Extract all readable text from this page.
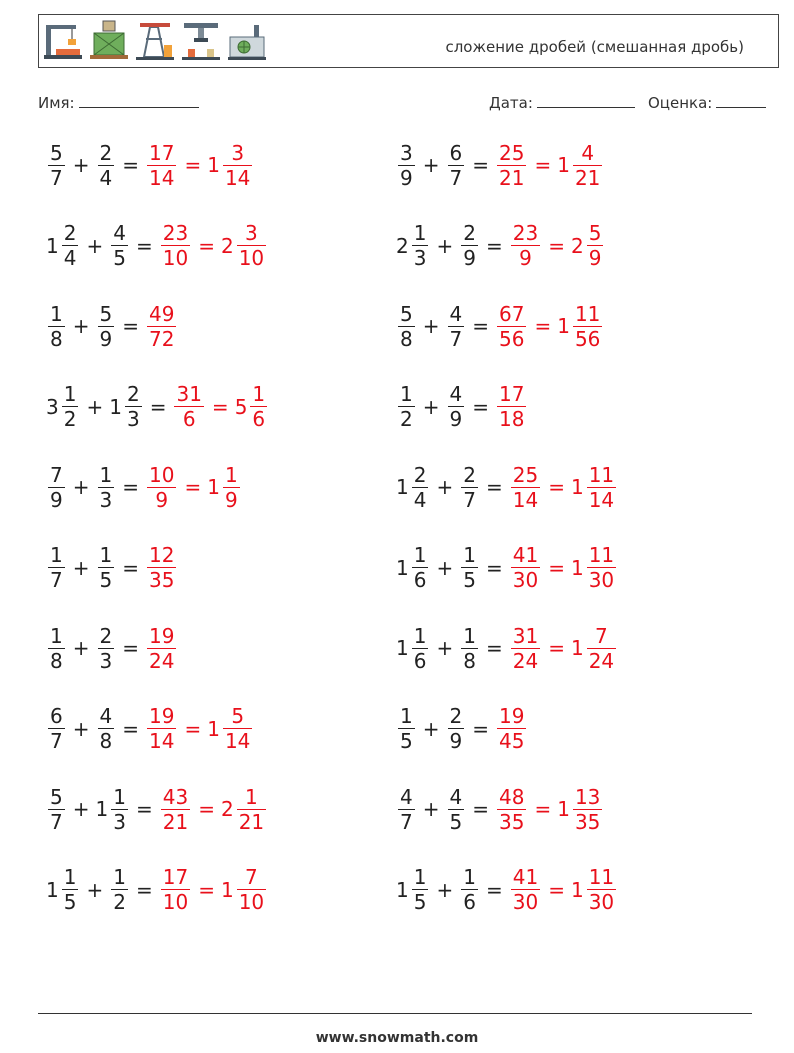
сложение дробей (смешанная дробь)
Имя:	Дата:	Оценка:
$\frac{5}{7} + \frac{2}{4} = \frac{17}{14} = 1 \frac{3}{14}$	$\frac{3}{9} + \frac{6}{7} = \frac{25}{21} = 1 \frac{4}{21}$
$1 \frac{2}{4} + \frac{4}{5} = \frac{23}{10} = 2 \frac{3}{10}$	$2 \frac{1}{3} + \frac{2}{9} = \frac{23}{9} = 2 \frac{5}{9}$
$\frac{1}{8} + \frac{5}{9} = \frac{49}{72}$	$\frac{5}{8} + \frac{4}{7} = \frac{67}{56} = 1 \frac{11}{56}$
$3 \frac{1}{2} + 1 \frac{2}{3} = \frac{31}{6} = 5 \frac{1}{6}$	$\frac{1}{2} + \frac{4}{9} = \frac{17}{18}$
$\frac{7}{9} + \frac{1}{3} = \frac{10}{9} = 1 \frac{1}{9}$	$1 \frac{2}{4} + \frac{2}{7} = \frac{25}{14} = 1 \frac{11}{14}$
$\frac{1}{7} + \frac{1}{5} = \frac{12}{35}$	$1 \frac{1}{6} + \frac{1}{5} = \frac{41}{30} = 1 \frac{11}{30}$
$\frac{1}{8} + \frac{2}{3} = \frac{19}{24}$	$1 \frac{1}{6} + \frac{1}{8} = \frac{31}{24} = 1 \frac{7}{24}$
$\frac{6}{7} + \frac{4}{8} = \frac{19}{14} = 1 \frac{5}{14}$	$\frac{1}{5} + \frac{2}{9} = \frac{19}{45}$
$\frac{5}{7} + 1 \frac{1}{3} = \frac{43}{21} = 2 \frac{1}{21}$	$\frac{4}{7} + \frac{4}{5} = \frac{48}{35} = 1 \frac{13}{35}$
$1 \frac{1}{5} + \frac{1}{2} = \frac{17}{10} = 1 \frac{7}{10}$	$1 \frac{1}{5} + \frac{1}{6} = \frac{41}{30} = 1 \frac{11}{30}$
www.snowmath.com
